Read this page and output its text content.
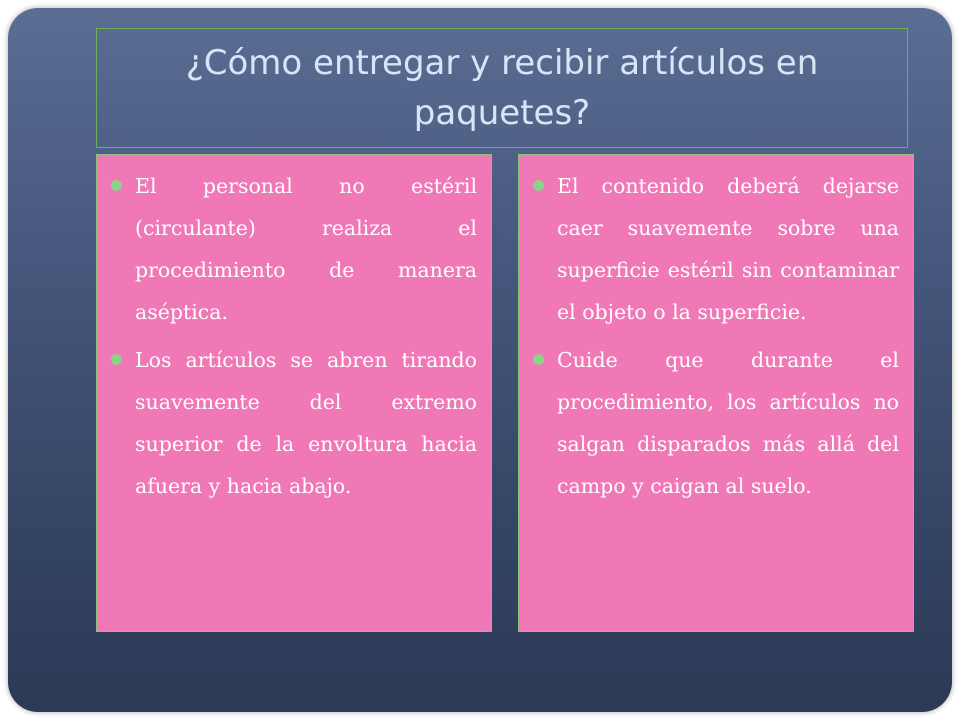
¿Cómo entregar y recibir artículos en paquetes?
El personal no estéril (circulante) realiza el procedimiento de manera aséptica.
Los artículos se abren tirando suavemente del extremo superior de la envoltura hacia afuera y hacia abajo.
El contenido deberá dejarse caer suavemente sobre una superficie estéril sin contaminar el objeto o la superficie.
Cuide que durante el procedimiento, los artículos no salgan disparados más allá del campo y caigan al suelo.
